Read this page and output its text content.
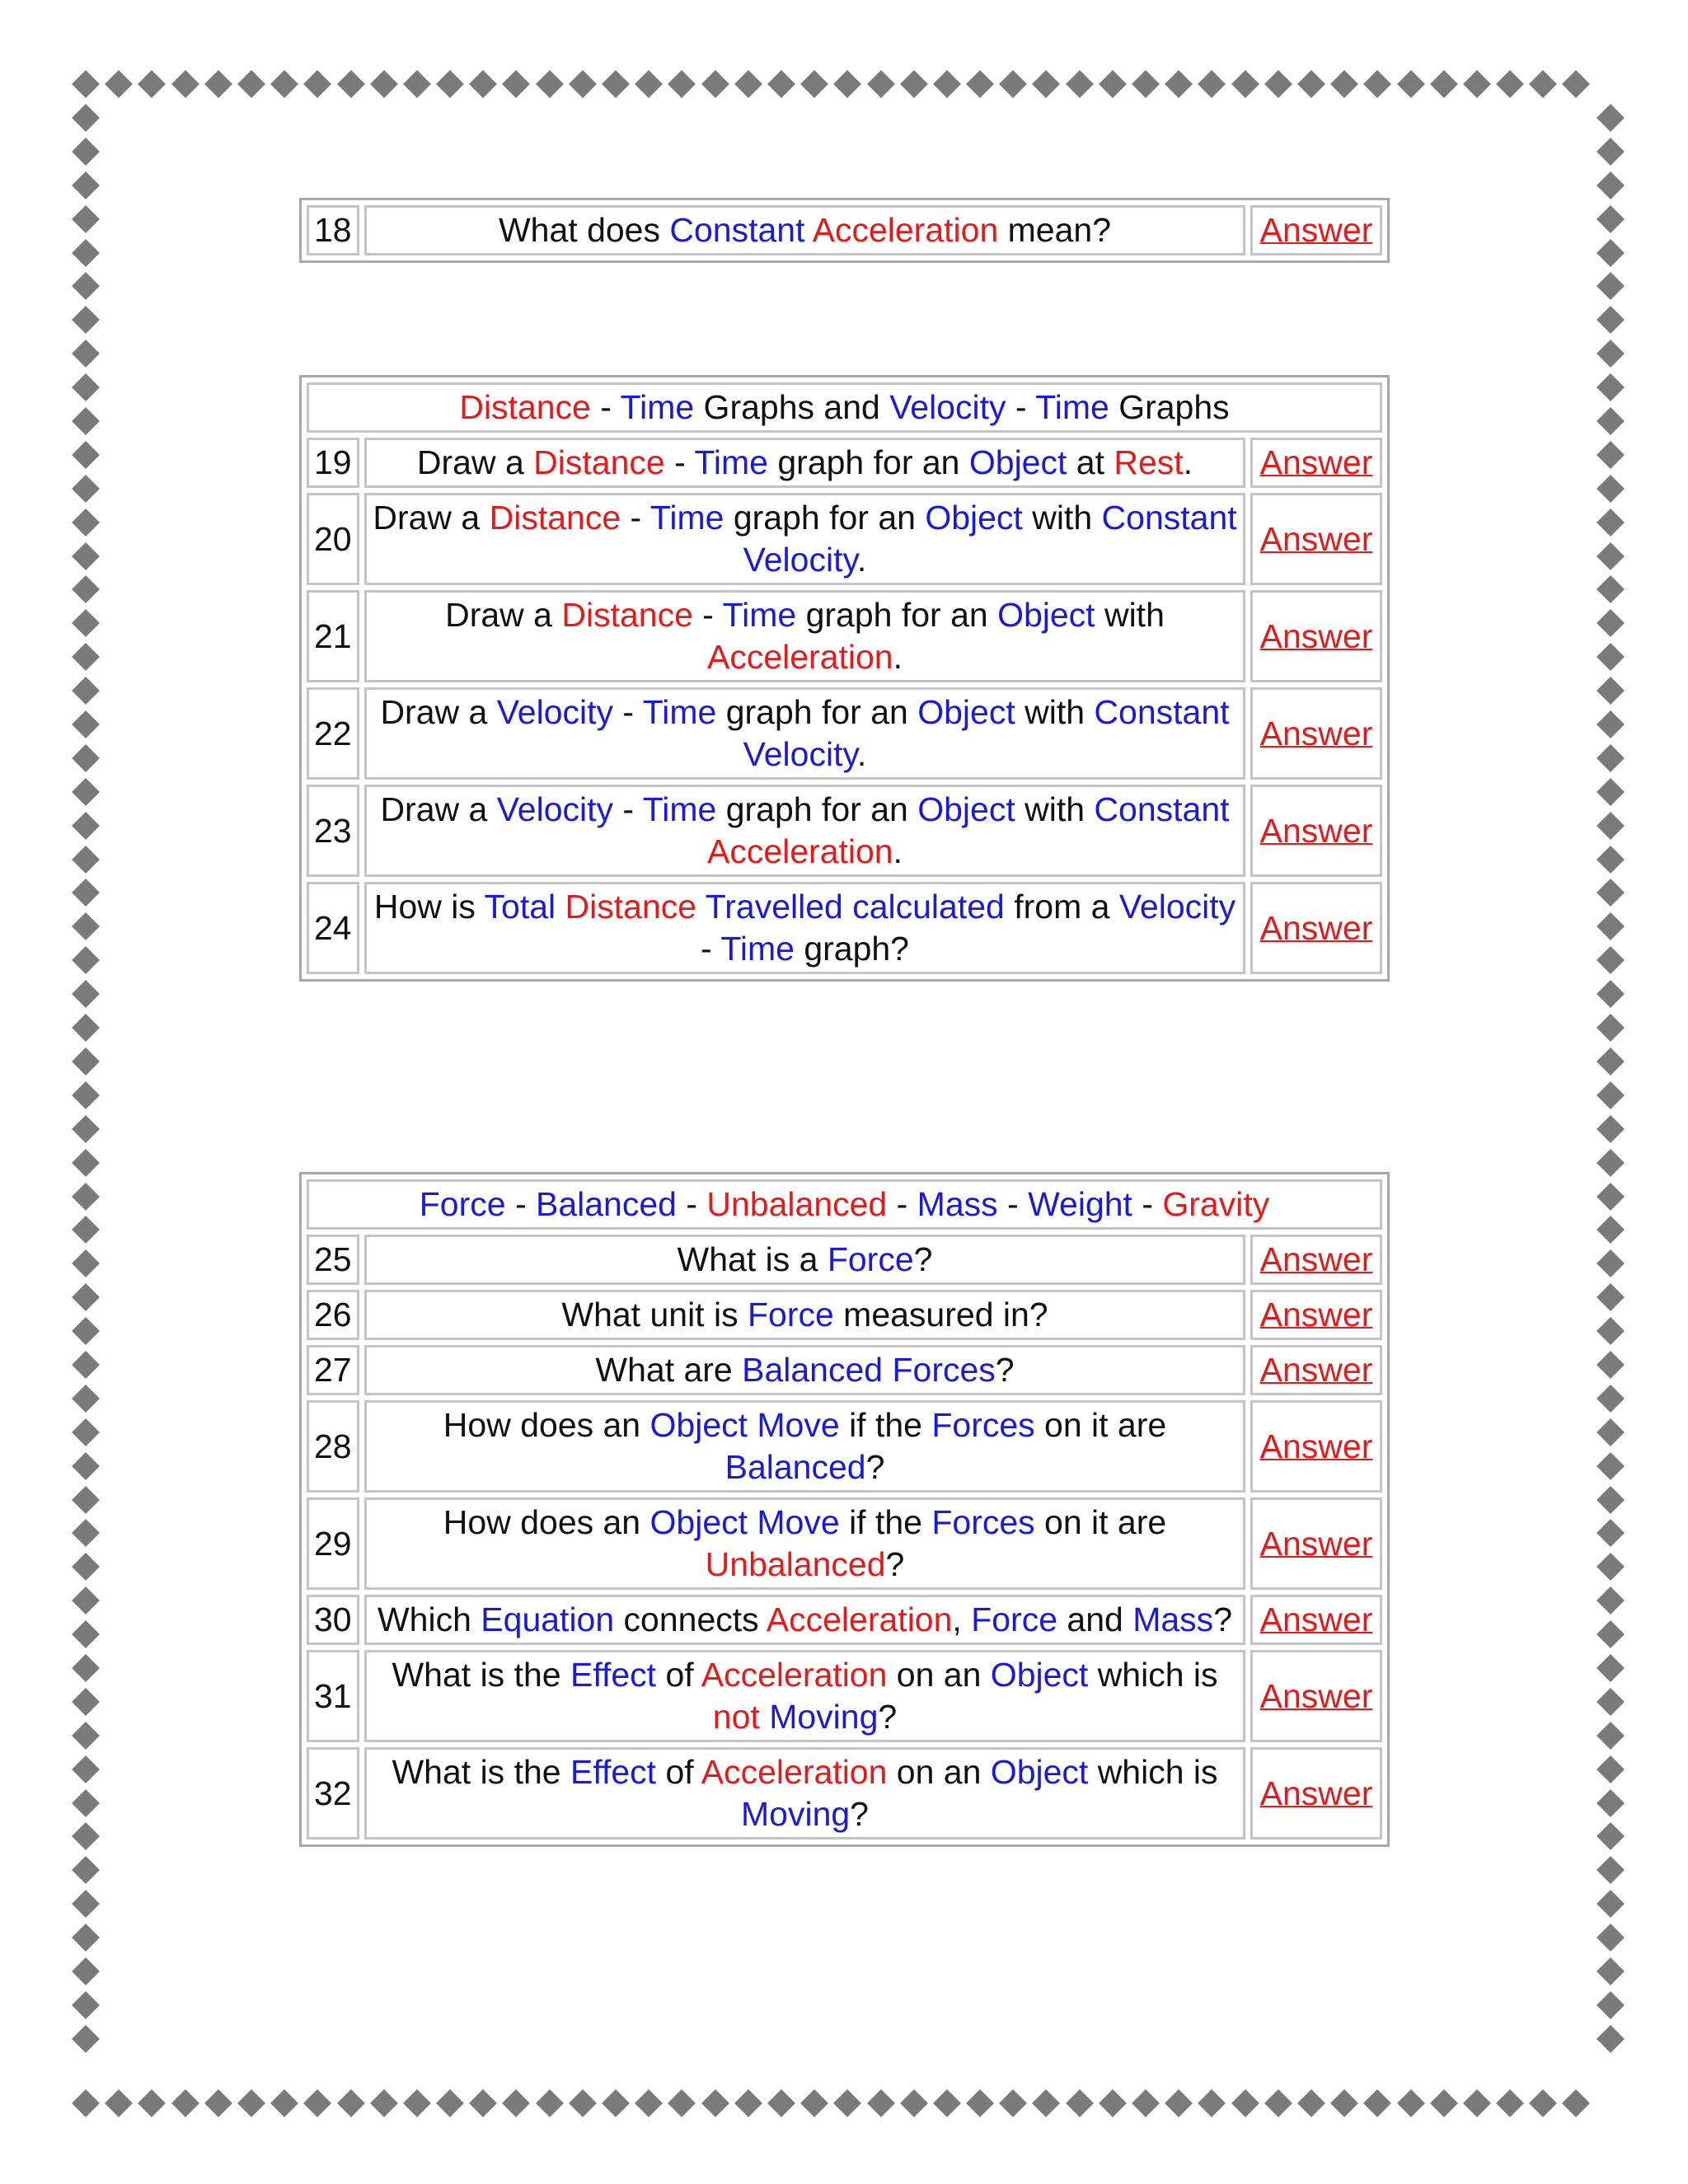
18	What does Constant Acceleration mean?	Answer
Distance - Time Graphs and Velocity - Time Graphs		
19	Draw a Distance - Time graph for an Object at Rest.	Answer
20	Draw a Distance - Time graph for an Object with Constant Velocity.	Answer
21	Draw a Distance - Time graph for an Object with Acceleration.	Answer
22	Draw a Velocity - Time graph for an Object with Constant Velocity.	Answer
23	Draw a Velocity - Time graph for an Object with Constant Acceleration.	Answer
24	How is Total Distance Travelled calculated from a Velocity - Time graph?	Answer
Force - Balanced - Unbalanced - Mass - Weight - Gravity		
25	What is a Force?	Answer
26	What unit is Force measured in?	Answer
27	What are Balanced Forces?	Answer
28	How does an Object Move if the Forces on it are Balanced?	Answer
29	How does an Object Move if the Forces on it are Unbalanced?	Answer
30	Which Equation connects Acceleration, Force and Mass?	Answer
31	What is the Effect of Acceleration on an Object which is not Moving?	Answer
32	What is the Effect of Acceleration on an Object which is Moving?	Answer
